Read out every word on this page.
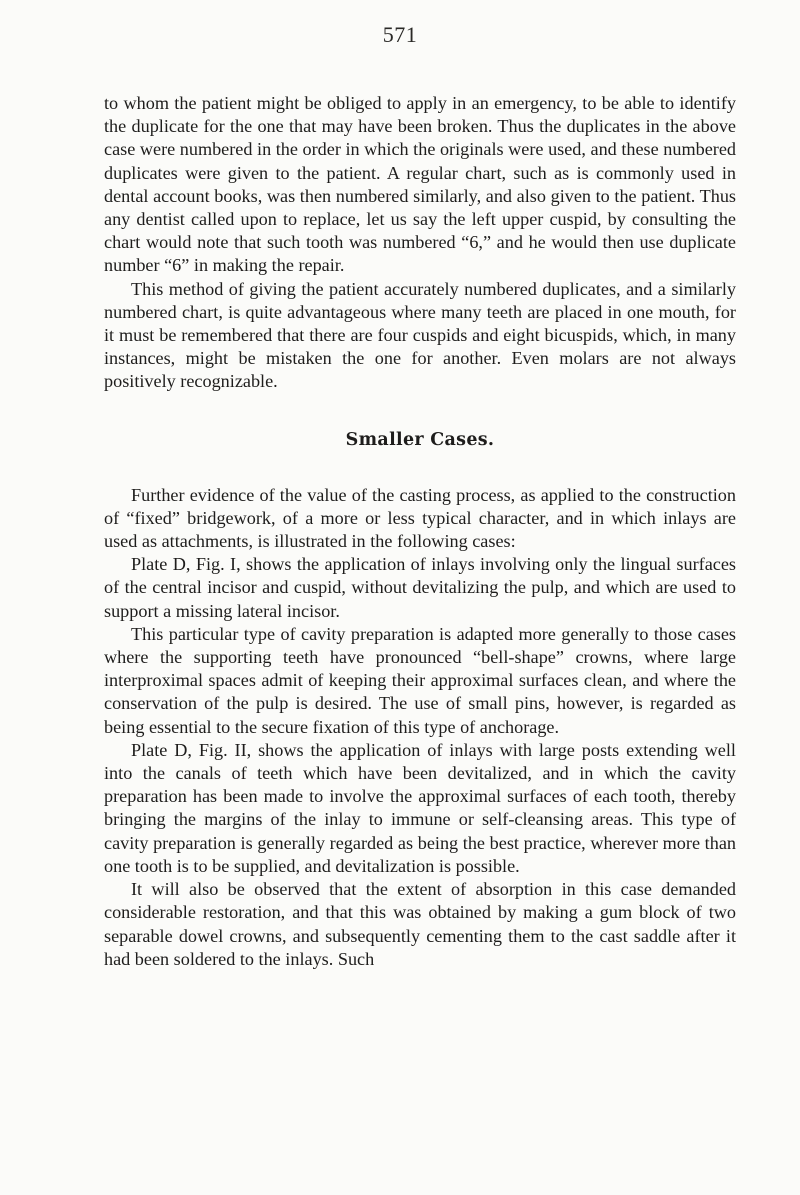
571

to whom the patient might be obliged to apply in an emergency, to be able to identify the duplicate for the one that may have been broken. Thus the duplicates in the above case were numbered in the order in which the originals were used, and these numbered duplicates were given to the patient. A regular chart, such as is commonly used in dental account books, was then numbered similarly, and also given to the patient. Thus any dentist called upon to replace, let us say the left upper cuspid, by consulting the chart would note that such tooth was numbered “6,” and he would then use duplicate number “6” in making the repair.

This method of giving the patient accurately numbered duplicates, and a similarly numbered chart, is quite advantageous where many teeth are placed in one mouth, for it must be remembered that there are four cuspids and eight bicuspids, which, in many instances, might be mistaken the one for another. Even molars are not always positively recognizable.

Smaller Cases.

Further evidence of the value of the casting process, as applied to the construction of “fixed” bridgework, of a more or less typical character, and in which inlays are used as attachments, is illustrated in the following cases:

Plate D, Fig. I, shows the application of inlays involving only the lingual surfaces of the central incisor and cuspid, without devitalizing the pulp, and which are used to support a missing lateral incisor.

This particular type of cavity preparation is adapted more generally to those cases where the supporting teeth have pronounced “bell-shape” crowns, where large interproximal spaces admit of keeping their approximal surfaces clean, and where the conservation of the pulp is desired. The use of small pins, however, is regarded as being essential to the secure fixation of this type of anchorage.

Plate D, Fig. II, shows the application of inlays with large posts extending well into the canals of teeth which have been devitalized, and in which the cavity preparation has been made to involve the approximal surfaces of each tooth, thereby bringing the margins of the inlay to immune or self-cleansing areas. This type of cavity preparation is generally regarded as being the best practice, wherever more than one tooth is to be supplied, and devitalization is possible.

It will also be observed that the extent of absorption in this case demanded considerable restoration, and that this was obtained by making a gum block of two separable dowel crowns, and subsequently cementing them to the cast saddle after it had been soldered to the inlays. Such
